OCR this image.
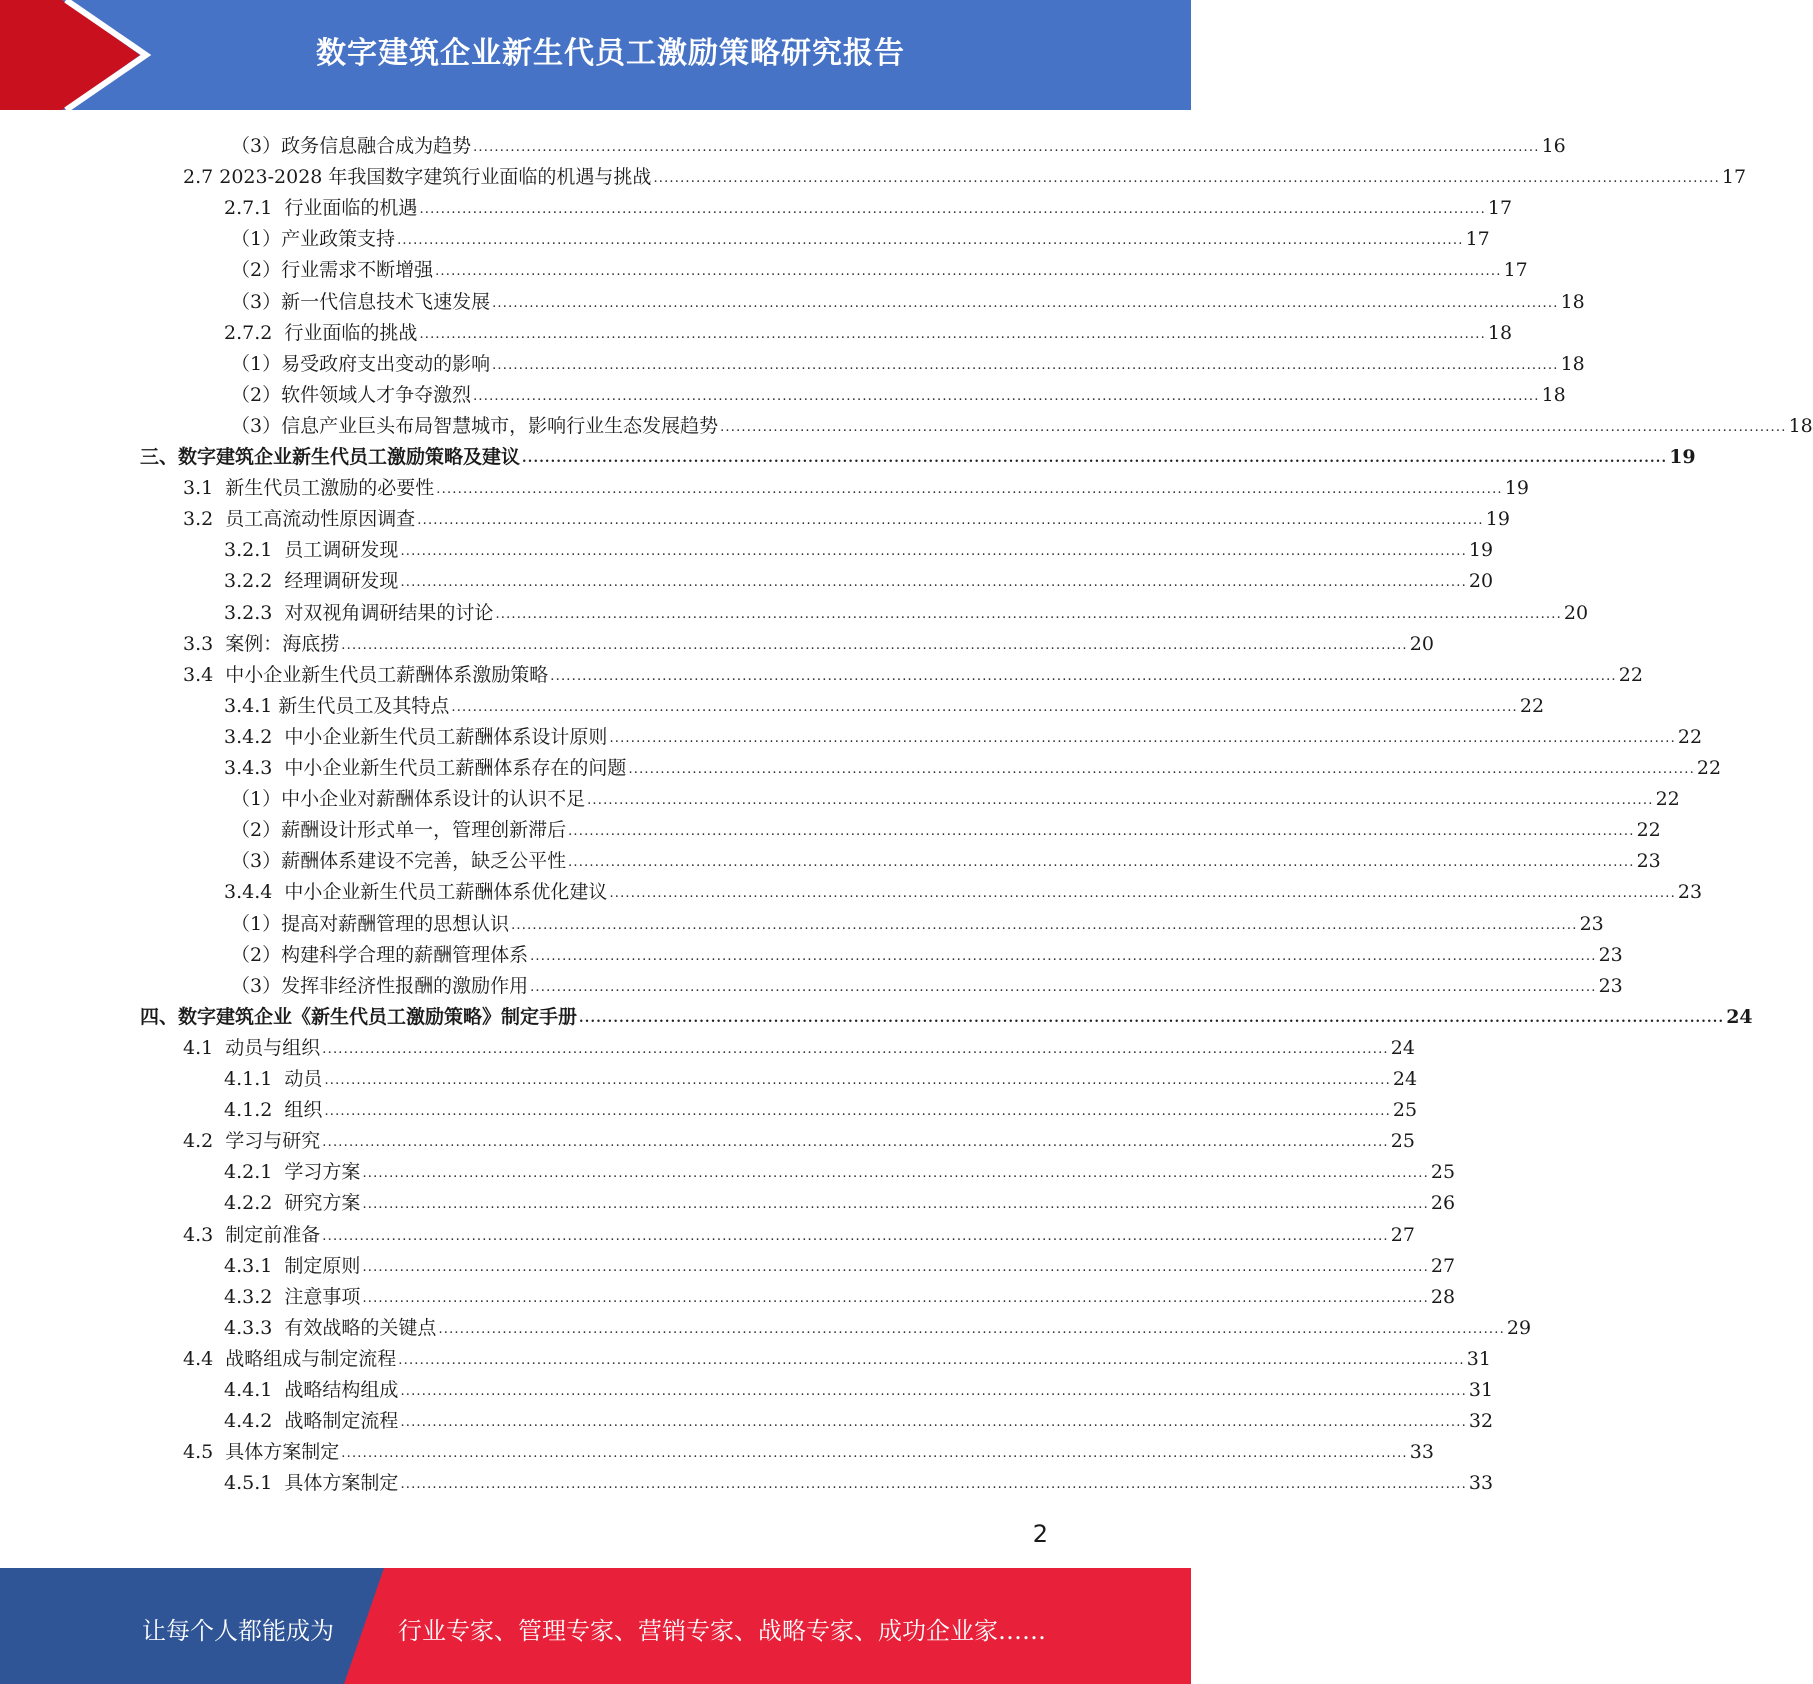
数字建筑企业新生代员工激励策略研究报告
（3）政务信息融合成为趋势 ........................................................................................................................................................................................................ 16
2.7 2023-2028 年我国数字建筑行业面临的机遇与挑战 ........................................................................................................................................................................................................ 17
2.7.1  行业面临的机遇 ........................................................................................................................................................................................................ 17
（1）产业政策支持 ........................................................................................................................................................................................................ 17
（2）行业需求不断增强 ........................................................................................................................................................................................................ 17
（3）新一代信息技术飞速发展 ........................................................................................................................................................................................................ 18
2.7.2  行业面临的挑战 ........................................................................................................................................................................................................ 18
（1）易受政府支出变动的影响 ........................................................................................................................................................................................................ 18
（2）软件领域人才争夺激烈 ........................................................................................................................................................................................................ 18
（3）信息产业巨头布局智慧城市，影响行业生态发展趋势 ........................................................................................................................................................................................................ 18
三、数字建筑企业新生代员工激励策略及建议 ........................................................................................................................................................................................................ 19
3.1  新生代员工激励的必要性 ........................................................................................................................................................................................................ 19
3.2  员工高流动性原因调查 ........................................................................................................................................................................................................ 19
3.2.1  员工调研发现 ........................................................................................................................................................................................................ 19
3.2.2  经理调研发现 ........................................................................................................................................................................................................ 20
3.2.3  对双视角调研结果的讨论 ........................................................................................................................................................................................................ 20
3.3  案例：海底捞 ........................................................................................................................................................................................................ 20
3.4  中小企业新生代员工薪酬体系激励策略 ........................................................................................................................................................................................................ 22
3.4.1 新生代员工及其特点 ........................................................................................................................................................................................................ 22
3.4.2  中小企业新生代员工薪酬体系设计原则 ........................................................................................................................................................................................................ 22
3.4.3  中小企业新生代员工薪酬体系存在的问题 ........................................................................................................................................................................................................ 22
（1）中小企业对薪酬体系设计的认识不足 ........................................................................................................................................................................................................ 22
（2）薪酬设计形式单一，管理创新滞后 ........................................................................................................................................................................................................ 22
（3）薪酬体系建设不完善，缺乏公平性 ........................................................................................................................................................................................................ 23
3.4.4  中小企业新生代员工薪酬体系优化建议 ........................................................................................................................................................................................................ 23
（1）提高对薪酬管理的思想认识 ........................................................................................................................................................................................................ 23
（2）构建科学合理的薪酬管理体系 ........................................................................................................................................................................................................ 23
（3）发挥非经济性报酬的激励作用 ........................................................................................................................................................................................................ 23
四、数字建筑企业《新生代员工激励策略》制定手册 ........................................................................................................................................................................................................ 24
4.1  动员与组织 ........................................................................................................................................................................................................ 24
4.1.1  动员 ........................................................................................................................................................................................................ 24
4.1.2  组织 ........................................................................................................................................................................................................ 25
4.2  学习与研究 ........................................................................................................................................................................................................ 25
4.2.1  学习方案 ........................................................................................................................................................................................................ 25
4.2.2  研究方案 ........................................................................................................................................................................................................ 26
4.3  制定前准备 ........................................................................................................................................................................................................ 27
4.3.1  制定原则 ........................................................................................................................................................................................................ 27
4.3.2  注意事项 ........................................................................................................................................................................................................ 28
4.3.3  有效战略的关键点 ........................................................................................................................................................................................................ 29
4.4  战略组成与制定流程 ........................................................................................................................................................................................................ 31
4.4.1  战略结构组成 ........................................................................................................................................................................................................ 31
4.4.2  战略制定流程 ........................................................................................................................................................................................................ 32
4.5  具体方案制定 ........................................................................................................................................................................................................ 33
4.5.1  具体方案制定 ........................................................................................................................................................................................................ 33
2
让每个人都能成为	行业专家、管理专家、营销专家、战略专家、成功企业家……
